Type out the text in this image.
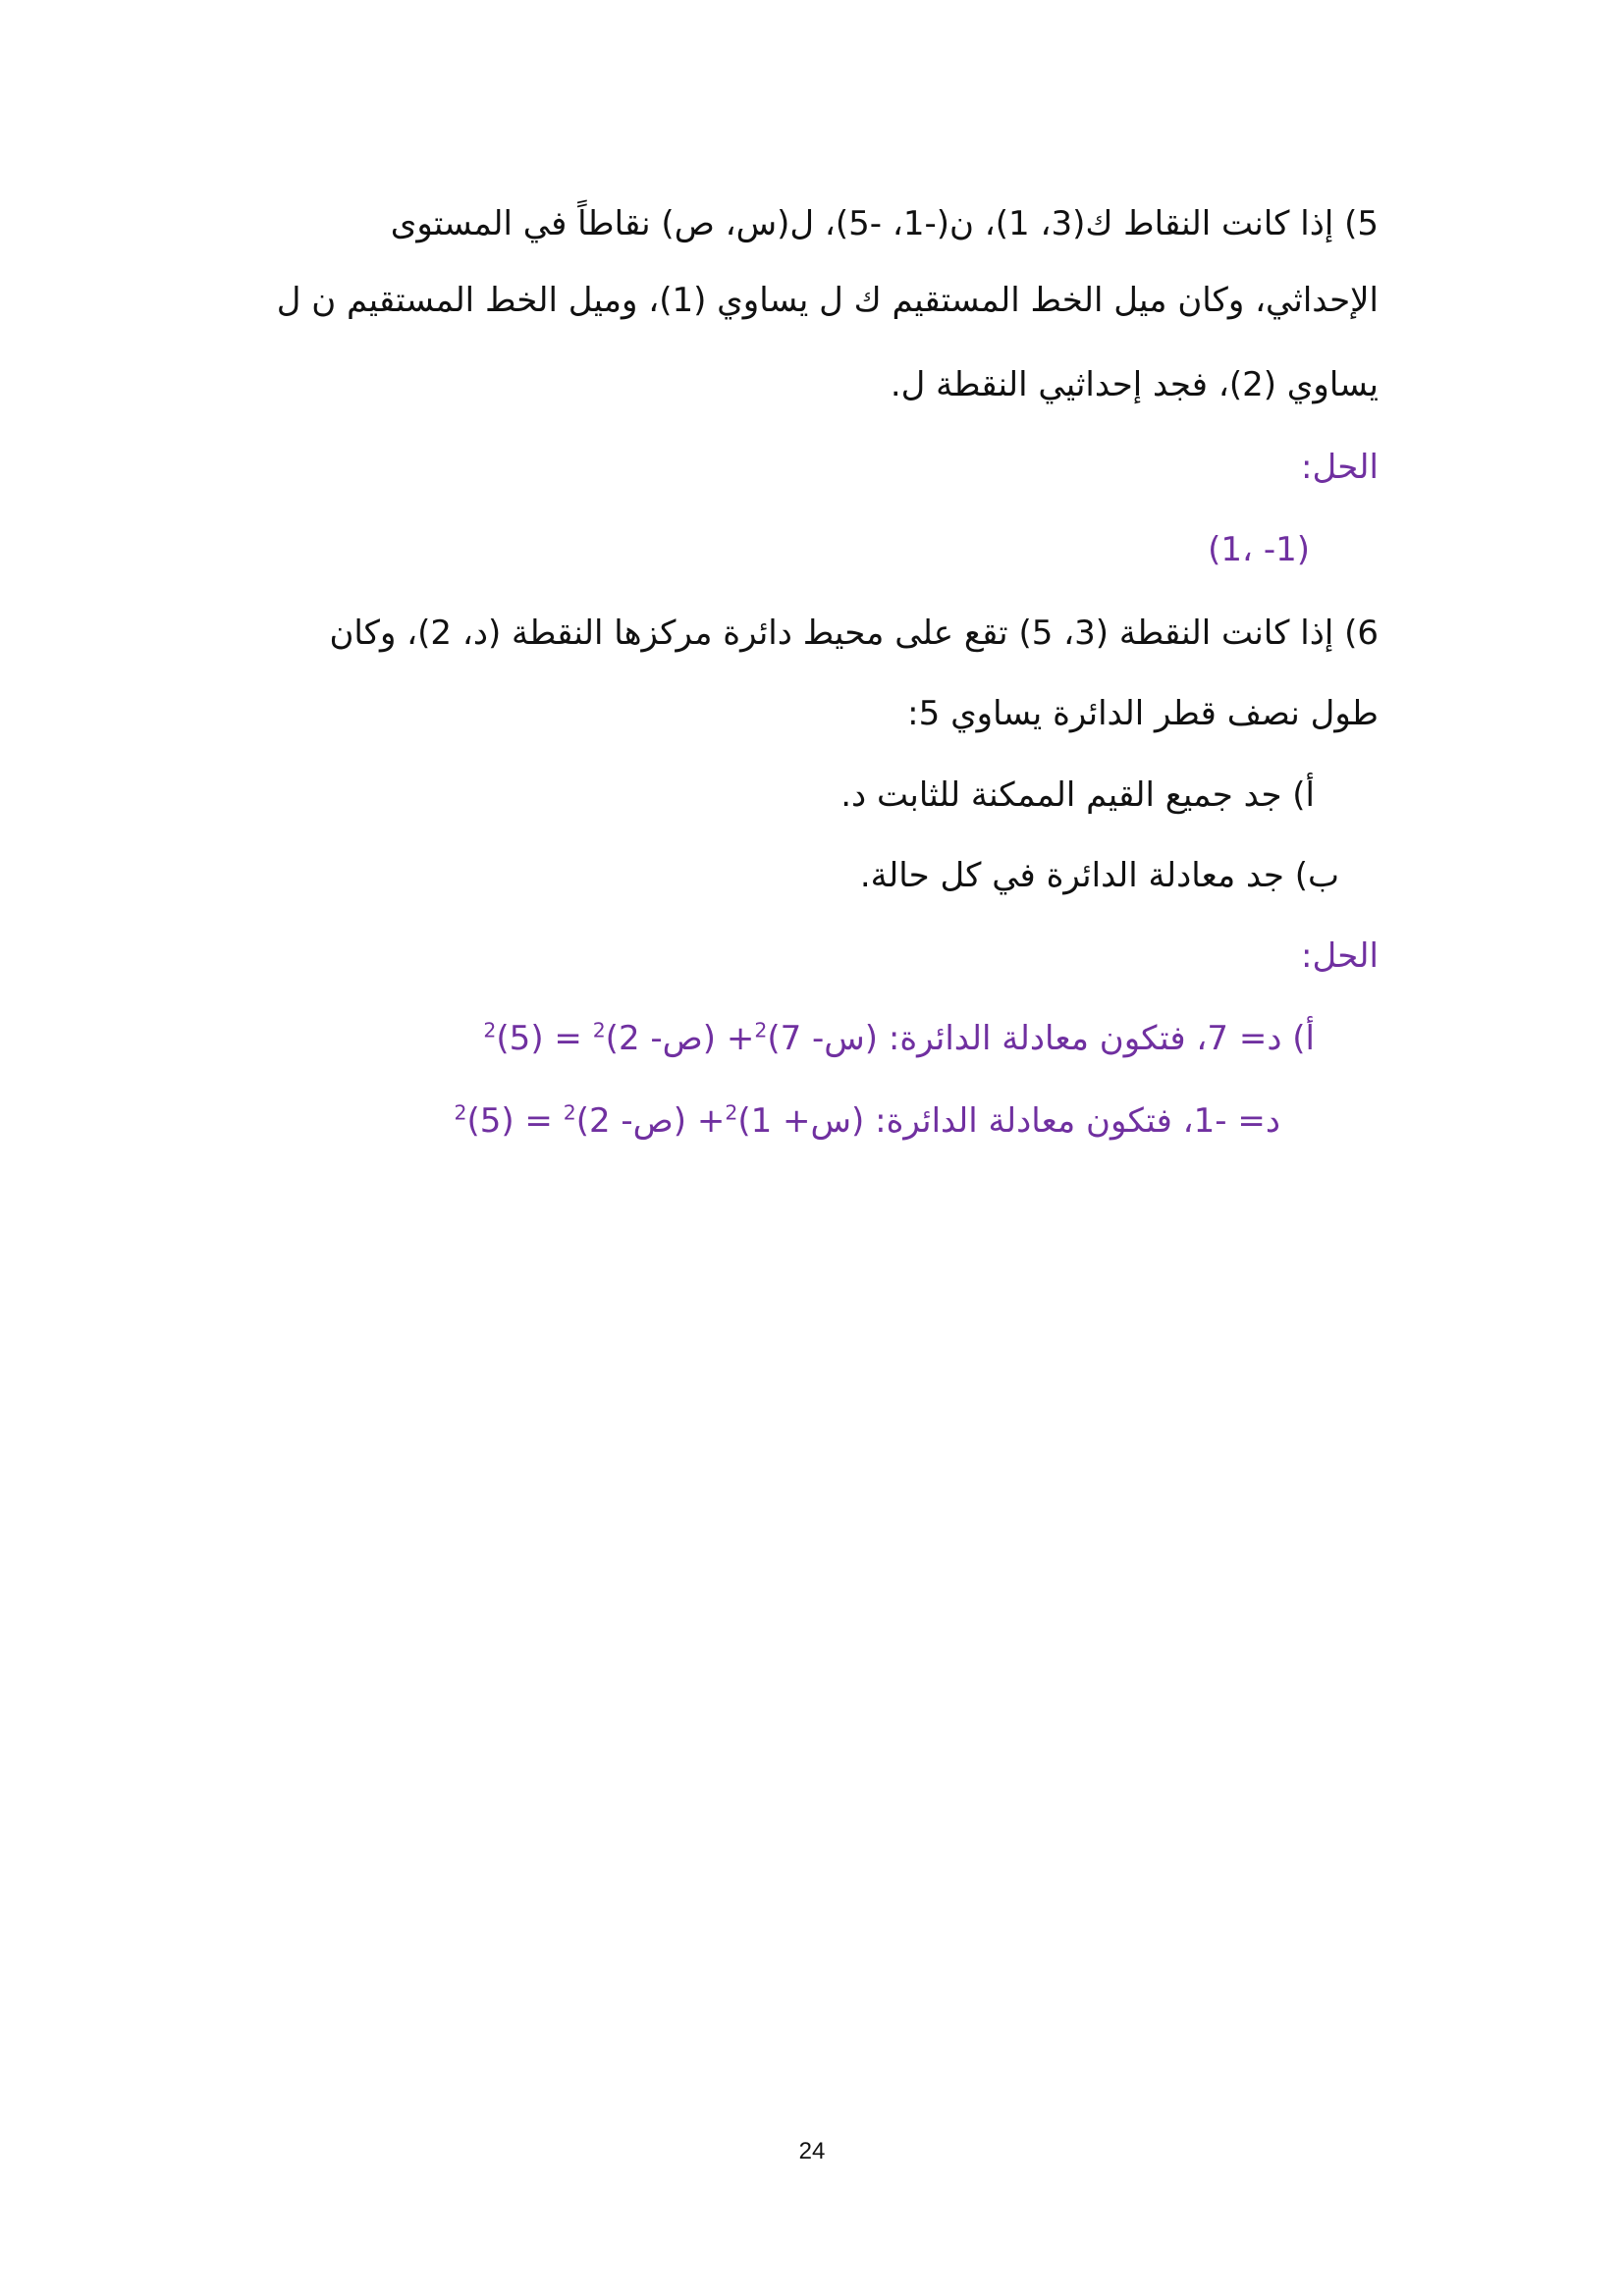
5) إذا كانت النقاط ك(3، 1)، ن(-1، -5)، ل(س، ص) نقاطاً في المستوى
الإحداثي، وكان ميل الخط المستقيم ك ل يساوي (1)، وميل الخط المستقيم ن ل
يساوي (2)، فجد إحداثيي النقطة ل.
الحل:
(1، -1)
6) إذا كانت النقطة (3، 5) تقع على محيط دائرة مركزها النقطة (د، 2)، وكان
طول نصف قطر الدائرة يساوي 5:
أ) جد جميع القيم الممكنة للثابت د.
ب) جد معادلة الدائرة في كل حالة.
الحل:
أ) د= 7، فتكون معادلة الدائرة: (س- 7)$^2$+ (ص- $2)^2 = (5)^2$
د= -1، فتكون معادلة الدائرة: (س+ 1)$^2$+ (ص- $2)^2 = (5)^2$
24
